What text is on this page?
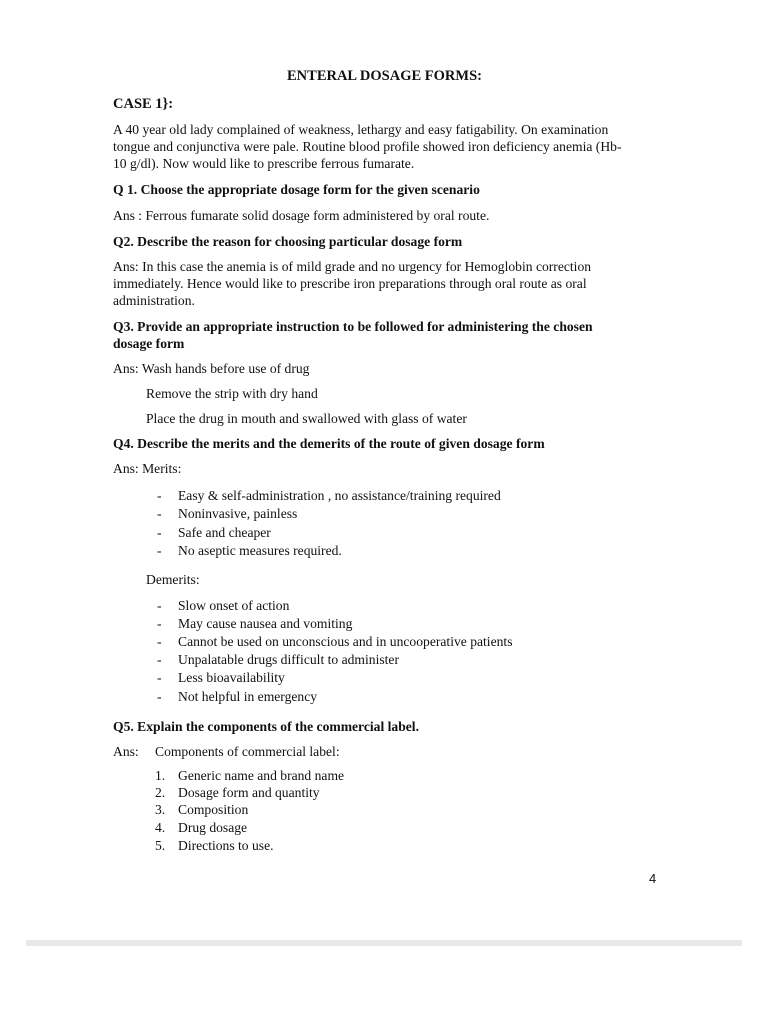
ENTERAL DOSAGE FORMS:
CASE 1}:
A 40 year old lady complained of weakness, lethargy and easy fatigability. On examination
tongue and conjunctiva were pale. Routine blood profile showed iron deficiency anemia (Hb-
10 g/dl). Now would like to prescribe ferrous fumarate.
Q 1. Choose the appropriate dosage form for the given scenario
Ans : Ferrous fumarate solid dosage form administered by oral route.
Q2. Describe the reason for choosing particular dosage form
Ans: In this case the anemia is of mild grade and no urgency for Hemoglobin correction
immediately. Hence would like to prescribe iron preparations through oral route as oral
administration.
Q3. Provide an appropriate instruction to be followed for administering the chosen
dosage form
Ans: Wash hands before use of drug
Remove the strip with dry hand
Place the drug in mouth and swallowed with glass of water
Q4. Describe the merits and the demerits of the route of given dosage form
Ans: Merits:
- Easy & self-administration , no assistance/training required
- Noninvasive, painless
- Safe and cheaper
- No aseptic measures required.
Demerits:
- Slow onset of action
- May cause nausea and vomiting
- Cannot be used on unconscious and in uncooperative patients
- Unpalatable drugs difficult to administer
- Less bioavailability
- Not helpful in emergency
Q5. Explain the components of the commercial label.
Ans: Components of commercial label:
1. Generic name and brand name
2. Dosage form and quantity
3. Composition
4. Drug dosage
5. Directions to use.
4
